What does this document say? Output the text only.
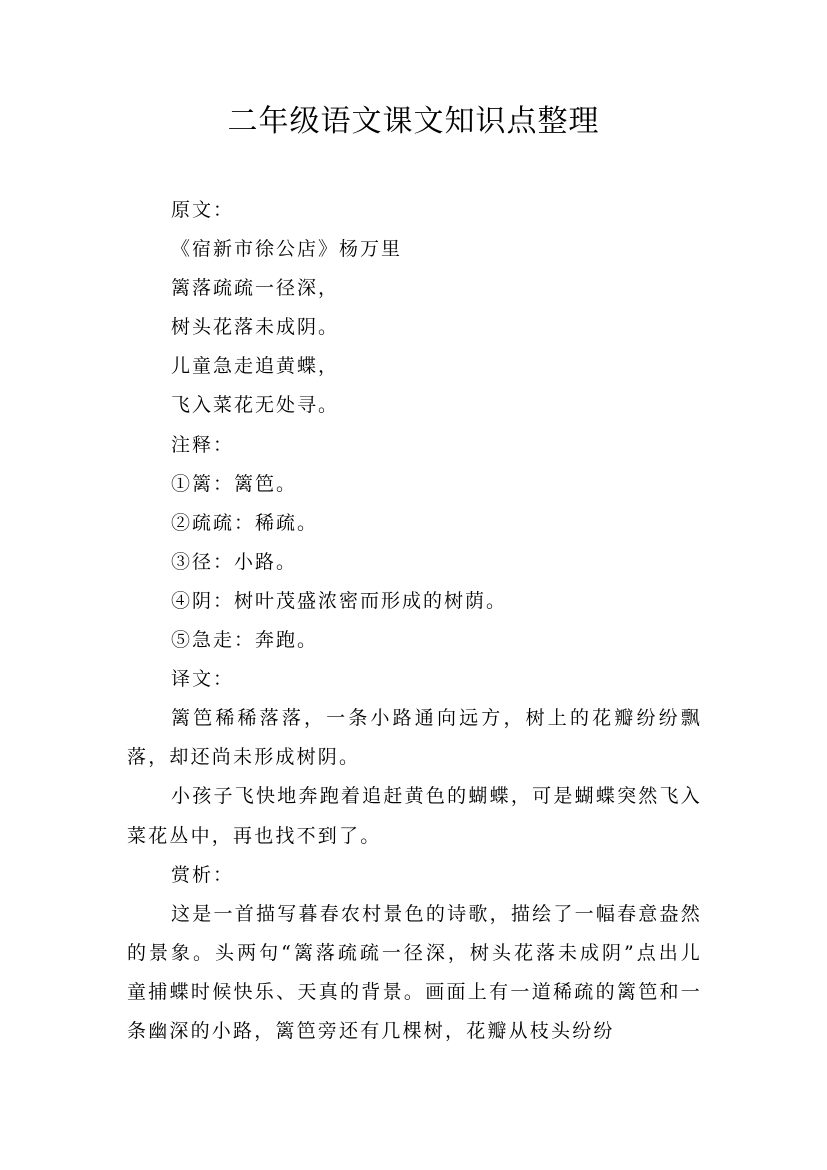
二年级语文课文知识点整理

原文：

《宿新市徐公店》杨万里

篱落疏疏一径深，

树头花落未成阴。

儿童急走追黄蝶，

飞入菜花无处寻。

注释：

①篱：篱笆。

②疏疏：稀疏。

③径：小路。

④阴：树叶茂盛浓密而形成的树荫。

⑤急走：奔跑。

译文：

篱笆稀稀落落，一条小路通向远方，树上的花瓣纷纷飘落，却还尚未形成树阴。

小孩子飞快地奔跑着追赶黄色的蝴蝶，可是蝴蝶突然飞入菜花丛中，再也找不到了。

赏析：

这是一首描写暮春农村景色的诗歌，描绘了一幅春意盎然的景象。头两句“篱落疏疏一径深，树头花落未成阴”点出儿童捕蝶时候快乐、天真的背景。画面上有一道稀疏的篱笆和一条幽深的小路，篱笆旁还有几棵树，花瓣从枝头纷纷
